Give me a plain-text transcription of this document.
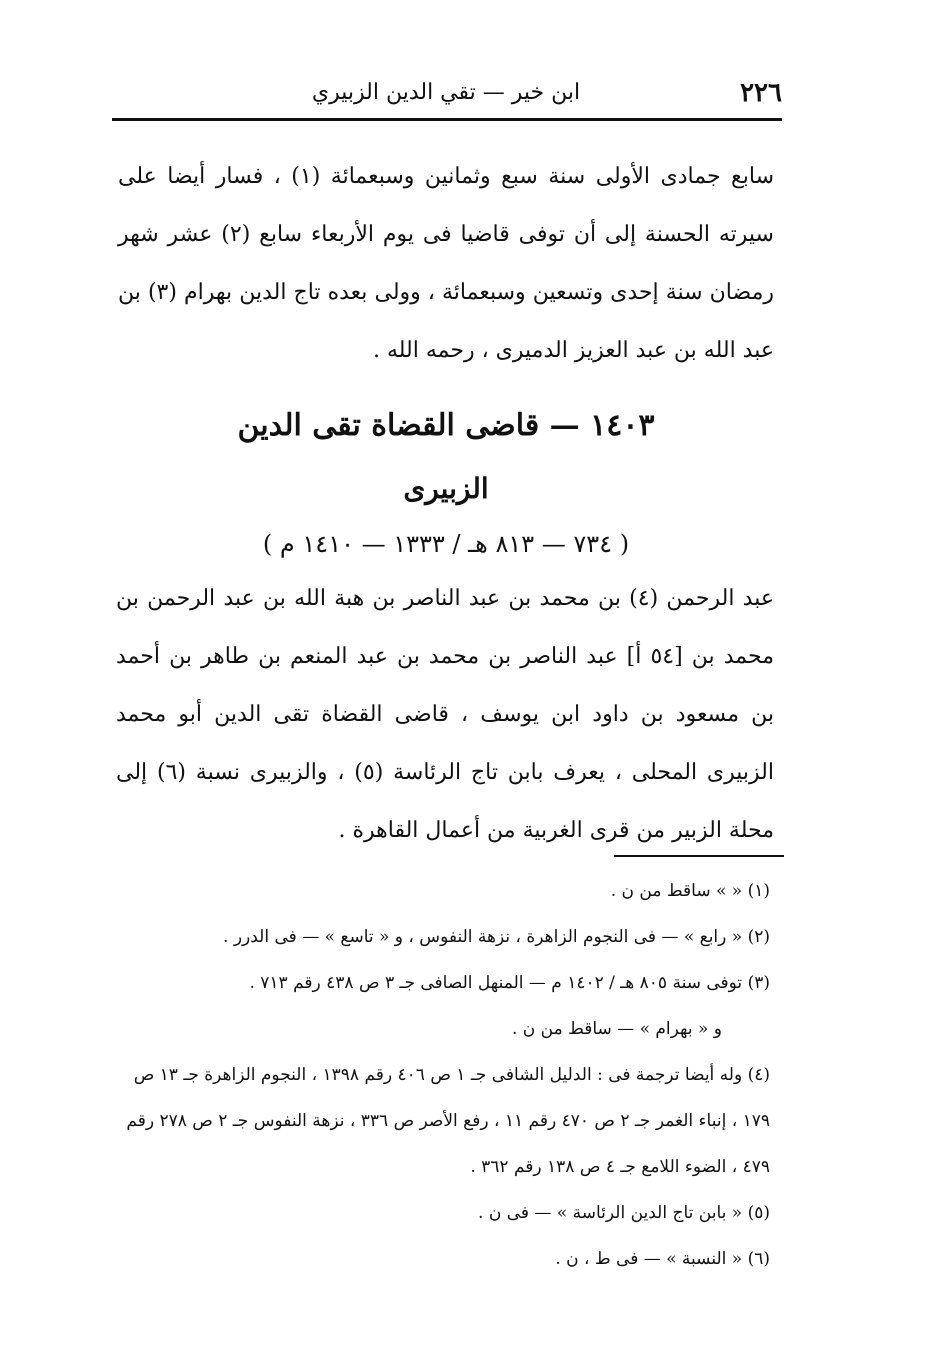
٢٢٦
ابن خير — تقي الدين الزبيري
سابع جمادى الأولى سنة سبع وثمانين وسبعمائة (١) ، فسار أيضا على سيرته الحسنة إلى أن توفى قاضيا فى يوم الأربعاء سابع (٢) عشر شهر رمضان سنة إحدى وتسعين وسبعمائة ، وولى بعده تاج الدين بهرام (٣) بن عبد الله بن عبد العزيز الدميرى ، رحمه الله .
١٤٠٣ — قاضى القضاة تقى الدين
الزبيرى
( ٧٣٤ — ٨١٣ هـ / ١٣٣٣ — ١٤١٠ م )

عبد الرحمن (٤) بن محمد بن عبد الناصر بن هبة الله بن عبد الرحمن بن محمد بن [٥٤ أ] عبد الناصر بن محمد بن عبد المنعم بن طاهر بن أحمد بن مسعود بن داود ابن يوسف ، قاضى القضاة تقى الدين أبو محمد الزبيرى المحلى ، يعرف بابن تاج الرئاسة (٥) ، والزبيرى نسبة (٦) إلى محلة الزبير من قرى الغربية من أعمال القاهرة .

(١) « » ساقط من ن .

(٢) « رابع » — فى النجوم الزاهرة ، نزهة النفوس ، و « تاسع » — فى الدرر .

(٣) توفى سنة ٨٠٥ هـ / ١٤٠٢ م — المنهل الصافى جـ ٣ ص ٤٣٨ رقم ٧١٣ .

و « بهرام » — ساقط من ن .

(٤) وله أيضا ترجمة فى : الدليل الشافى جـ ١ ص ٤٠٦ رقم ١٣٩٨ ، النجوم الزاهرة جـ ١٣ ص ١٧٩ ، إنباء الغمر جـ ٢ ص ٤٧٠ رقم ١١ ، رفع الأصر ص ٣٣٦ ، نزهة النفوس جـ ٢ ص ٢٧٨ رقم ٤٧٩ ، الضوء اللامع جـ ٤ ص ١٣٨ رقم ٣٦٢ .

(٥) « بابن تاج الدين الرئاسة » — فى ن .

(٦) « النسبة » — فى ط ، ن .
